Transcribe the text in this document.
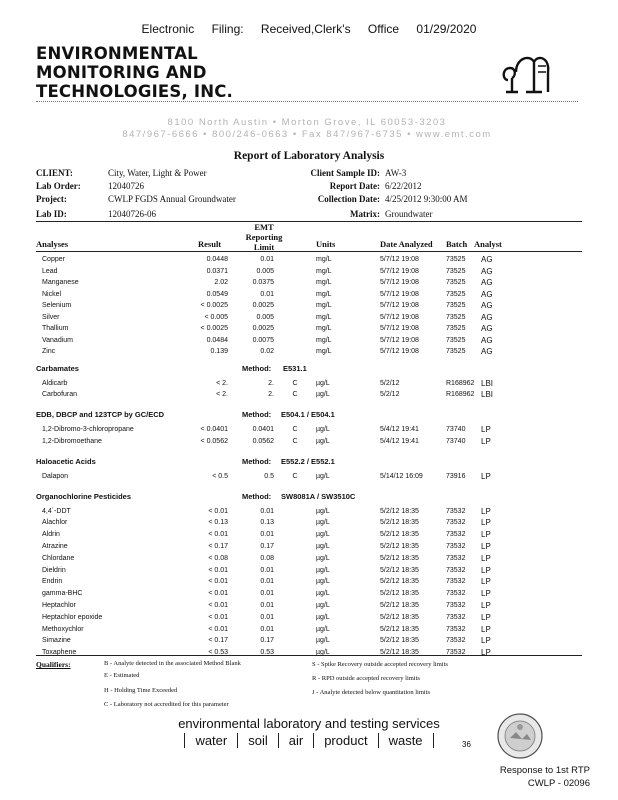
Electronic Filing: Received,Clerk's Office 01/29/2020
ENVIRONMENTAL
MONITORING AND
TECHNOLOGIES, INC.
8100 North Austin • Morton Grove, IL 60053-3203
847/967-6666 • 800/246-0663 • Fax 847/967-6735 • www.emt.com
Report of Laboratory Analysis
CLIENT:	City, Water, Light & Power
Lab Order:	12040726
Project:	CWLP FGDS Annual Groundwater
Lab ID:	12040726-06
Client Sample ID: AW-3
Report Date: 6/22/2012
Collection Date: 4/25/2012 9:30:00 AM
Matrix: Groundwater
Analyses	Result
EMT
Reporting
Limit	Units	Date Analyzed Batch Analyst
Copper	0.0448	0.01	mg/L	5/7/12 19:08	73525 AG
Lead	0.0371	0.005	mg/L	5/7/12 19:08	73525 AG
Manganese	2.02	0.0375	mg/L	5/7/12 19:08	73525 AG
Nickel	0.0549	0.01	mg/L	5/7/12 19:08	73525 AG
Selenium	< 0.0025	0.0025	mg/L	5/7/12 19:08	73525 AG
Silver	< 0.005	0.005	mg/L	5/7/12 19:08	73525 AG
Thallium	< 0.0025	0.0025	mg/L	5/7/12 19:08	73525 AG
Vanadium	0.0484	0.0075	mg/L	5/7/12 19:08	73525 AG
Zinc	0.139	0.02	mg/L	5/7/12 19:08	73525 AG
Carbamates	Method: E531.1
Aldicarb	< 2.	2.	C	µg/L	5/2/12	R168962 LBI
Carbofuran	< 2.	2.	C	µg/L	5/2/12	R168962 LBI
EDB, DBCP and 123TCP by GC/ECD	Method: E504.1 / E504.1
1,2-Dibromo-3-chloropropane	< 0.0401	0.0401	C	µg/L	5/4/12 19:41	73740 LP
1,2-Dibromoethane	< 0.0562	0.0562	C	µg/L	5/4/12 19:41	73740 LP
Haloacetic Acids	Method: E552.2 / E552.1
Dalapon	< 0.5	0.5	C	µg/L	5/14/12 16:09	73916 LP
Organochlorine Pesticides	Method: SW8081A / SW3510C
4,4´-DDT	< 0.01	0.01	µg/L	5/2/12 18:35	73532 LP
Alachlor	< 0.13	0.13	µg/L	5/2/12 18:35	73532 LP
Aldrin	< 0.01	0.01	µg/L	5/2/12 18:35	73532 LP
Atrazine	< 0.17	0.17	µg/L	5/2/12 18:35	73532 LP
Chlordane	< 0.08	0.08	µg/L	5/2/12 18:35	73532 LP
Dieldrin	< 0.01	0.01	µg/L	5/2/12 18:35	73532 LP
Endrin	< 0.01	0.01	µg/L	5/2/12 18:35	73532 LP
gamma-BHC	< 0.01	0.01	µg/L	5/2/12 18:35	73532 LP
Heptachlor	< 0.01	0.01	µg/L	5/2/12 18:35	73532 LP
Heptachlor epoxide	< 0.01	0.01	µg/L	5/2/12 18:35	73532 LP
Methoxychlor	< 0.01	0.01	µg/L	5/2/12 18:35	73532 LP
Simazine	< 0.17	0.17	µg/L	5/2/12 18:35	73532 LP
Toxaphene	< 0.53	0.53	µg/L	5/2/12 18:35	73532 LP
Qualifiers:	B - Analyte detected in the associated Method Blank
E - Estimated
H - Holding Time Exceeded
C - Laboratory not accredited for this parameter
S - Spike Recovery outside accepted recovery limits
R - RPD outside accepted recovery limits
J - Analyte detected below quantitation limits
environmental laboratory and testing services
water soil air product waste	36
Response to 1st RTP
CWLP - 02096
